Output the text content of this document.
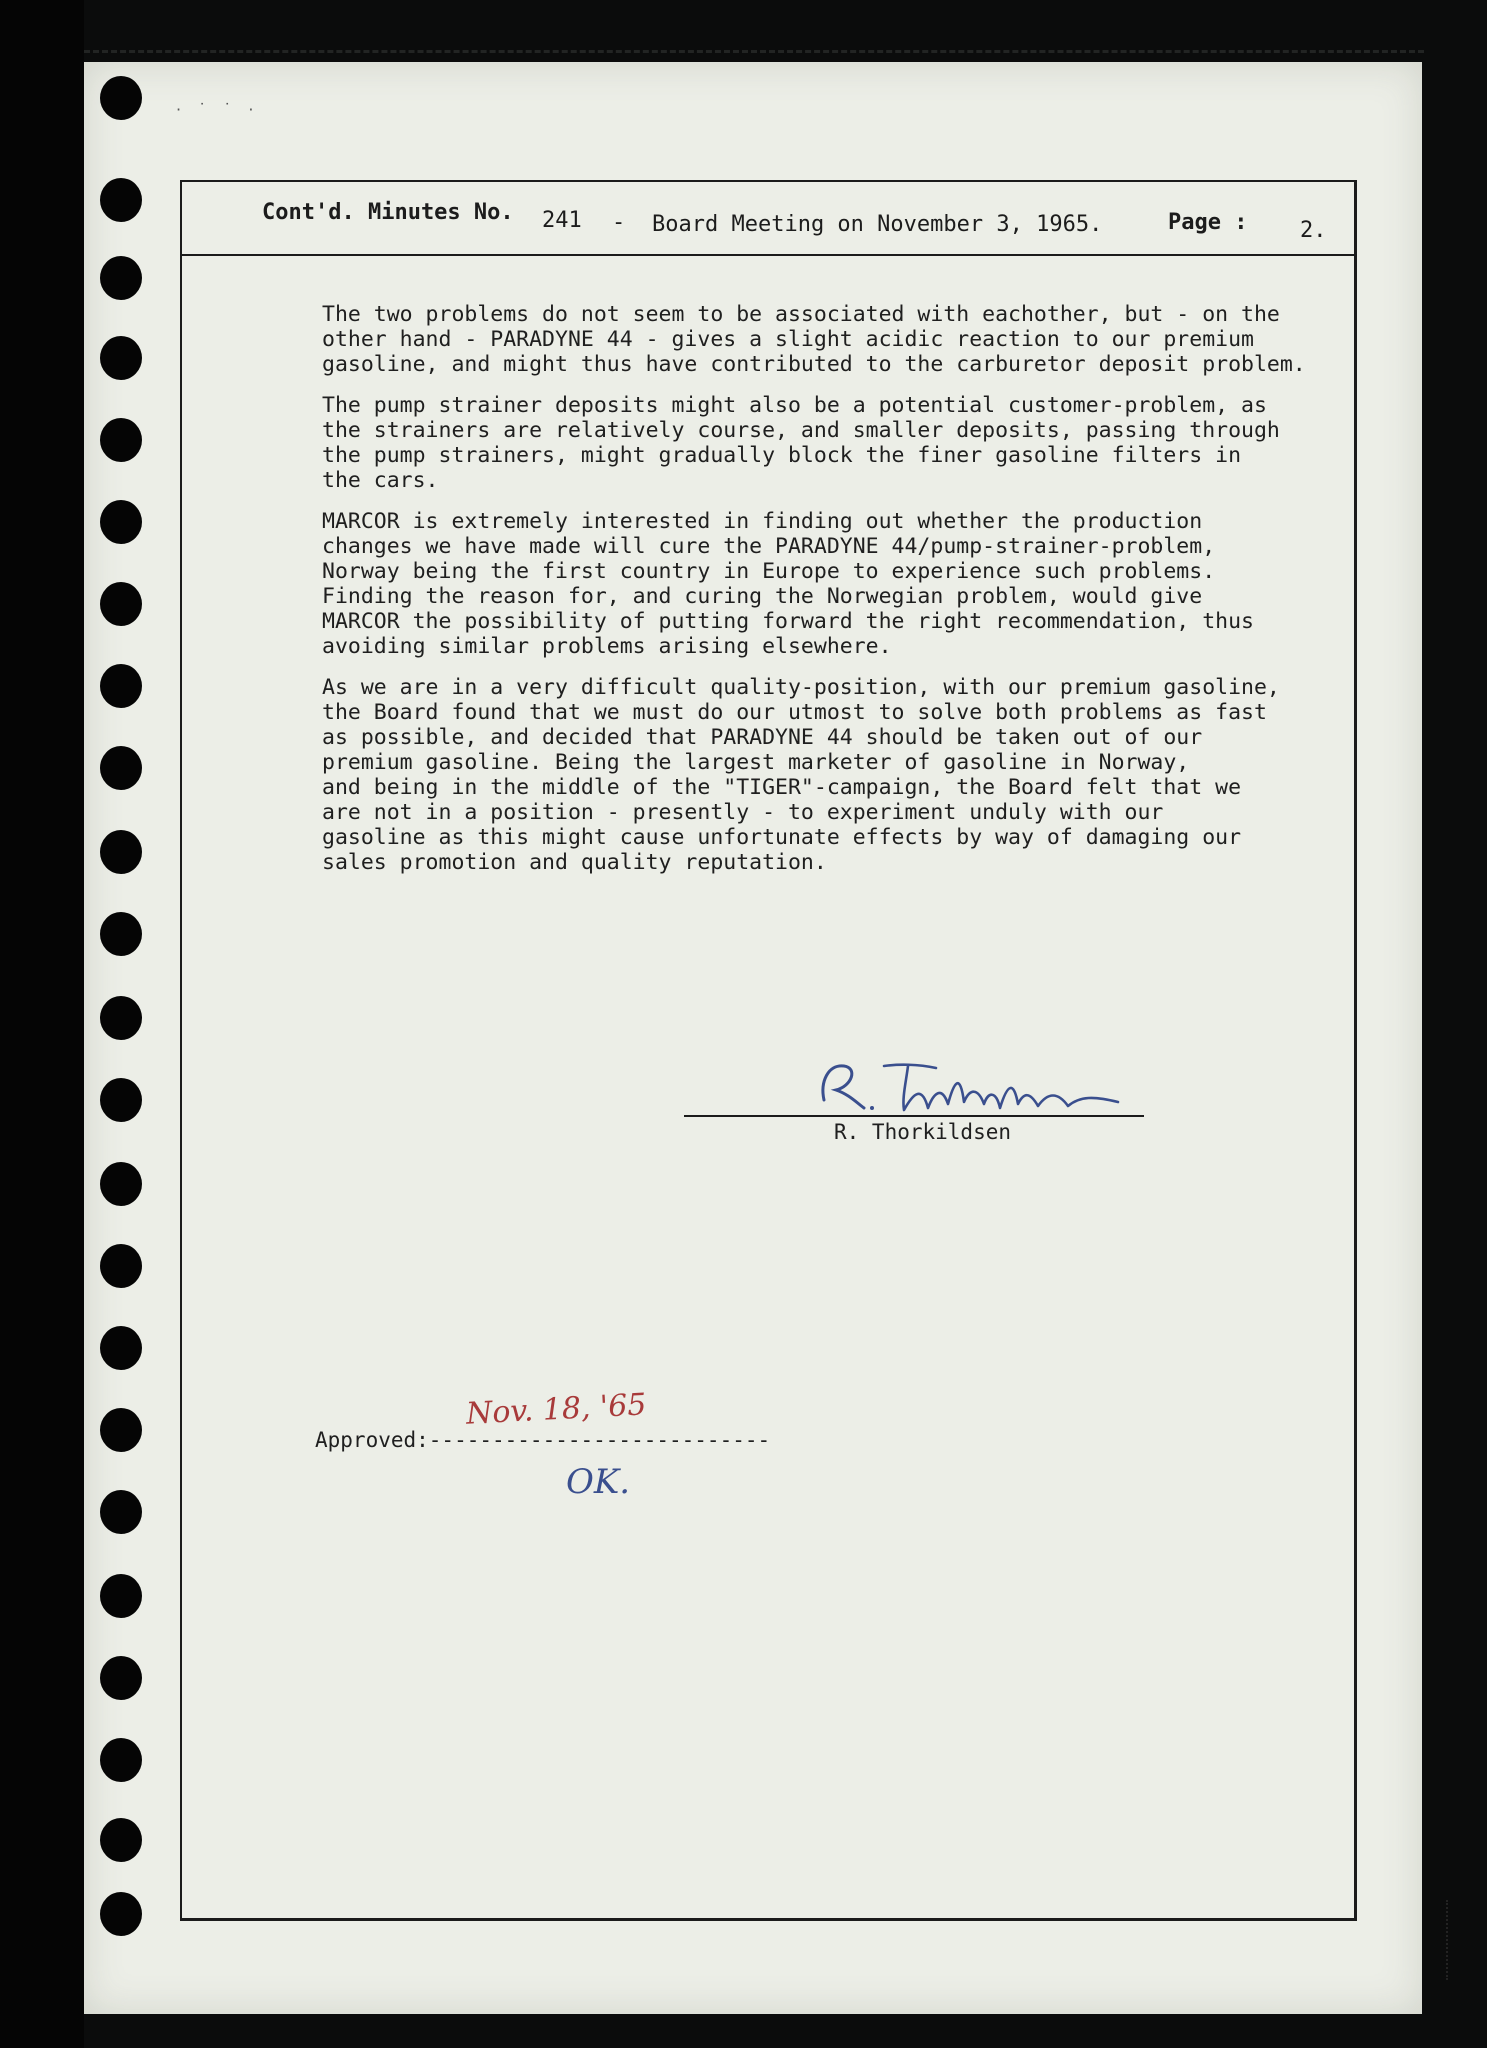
· ˙ ˙ ·
Cont'd. Minutes No. 241 - Board Meeting on November 3, 1965.	Page : 2.

The two problems do not seem to be associated with eachother, but - on the
other hand - PARADYNE 44 - gives a slight acidic reaction to our premium
gasoline, and might thus have contributed to the carburetor deposit problem.

The pump strainer deposits might also be a potential customer-problem, as
the strainers are relatively course, and smaller deposits, passing through
the pump strainers, might gradually block the finer gasoline filters in
the cars.

MARCOR is extremely interested in finding out whether the production
changes we have made will cure the PARADYNE 44/pump-strainer-problem,
Norway being the first country in Europe to experience such problems.
Finding the reason for, and curing the Norwegian problem, would give
MARCOR the possibility of putting forward the right recommendation, thus
avoiding similar problems arising elsewhere.

As we are in a very difficult quality-position, with our premium gasoline,
the Board found that we must do our utmost to solve both problems as fast
as possible, and decided that PARADYNE 44 should be taken out of our
premium gasoline. Being the largest marketer of gasoline in Norway,
and being in the middle of the "TIGER"-campaign, the Board felt that we
are not in a position - presently - to experiment unduly with our
gasoline as this might cause unfortunate effects by way of damaging our
sales promotion and quality reputation.

R. Thorkildsen
Approved:---------------------------
Nov. 18, '65
OK.
